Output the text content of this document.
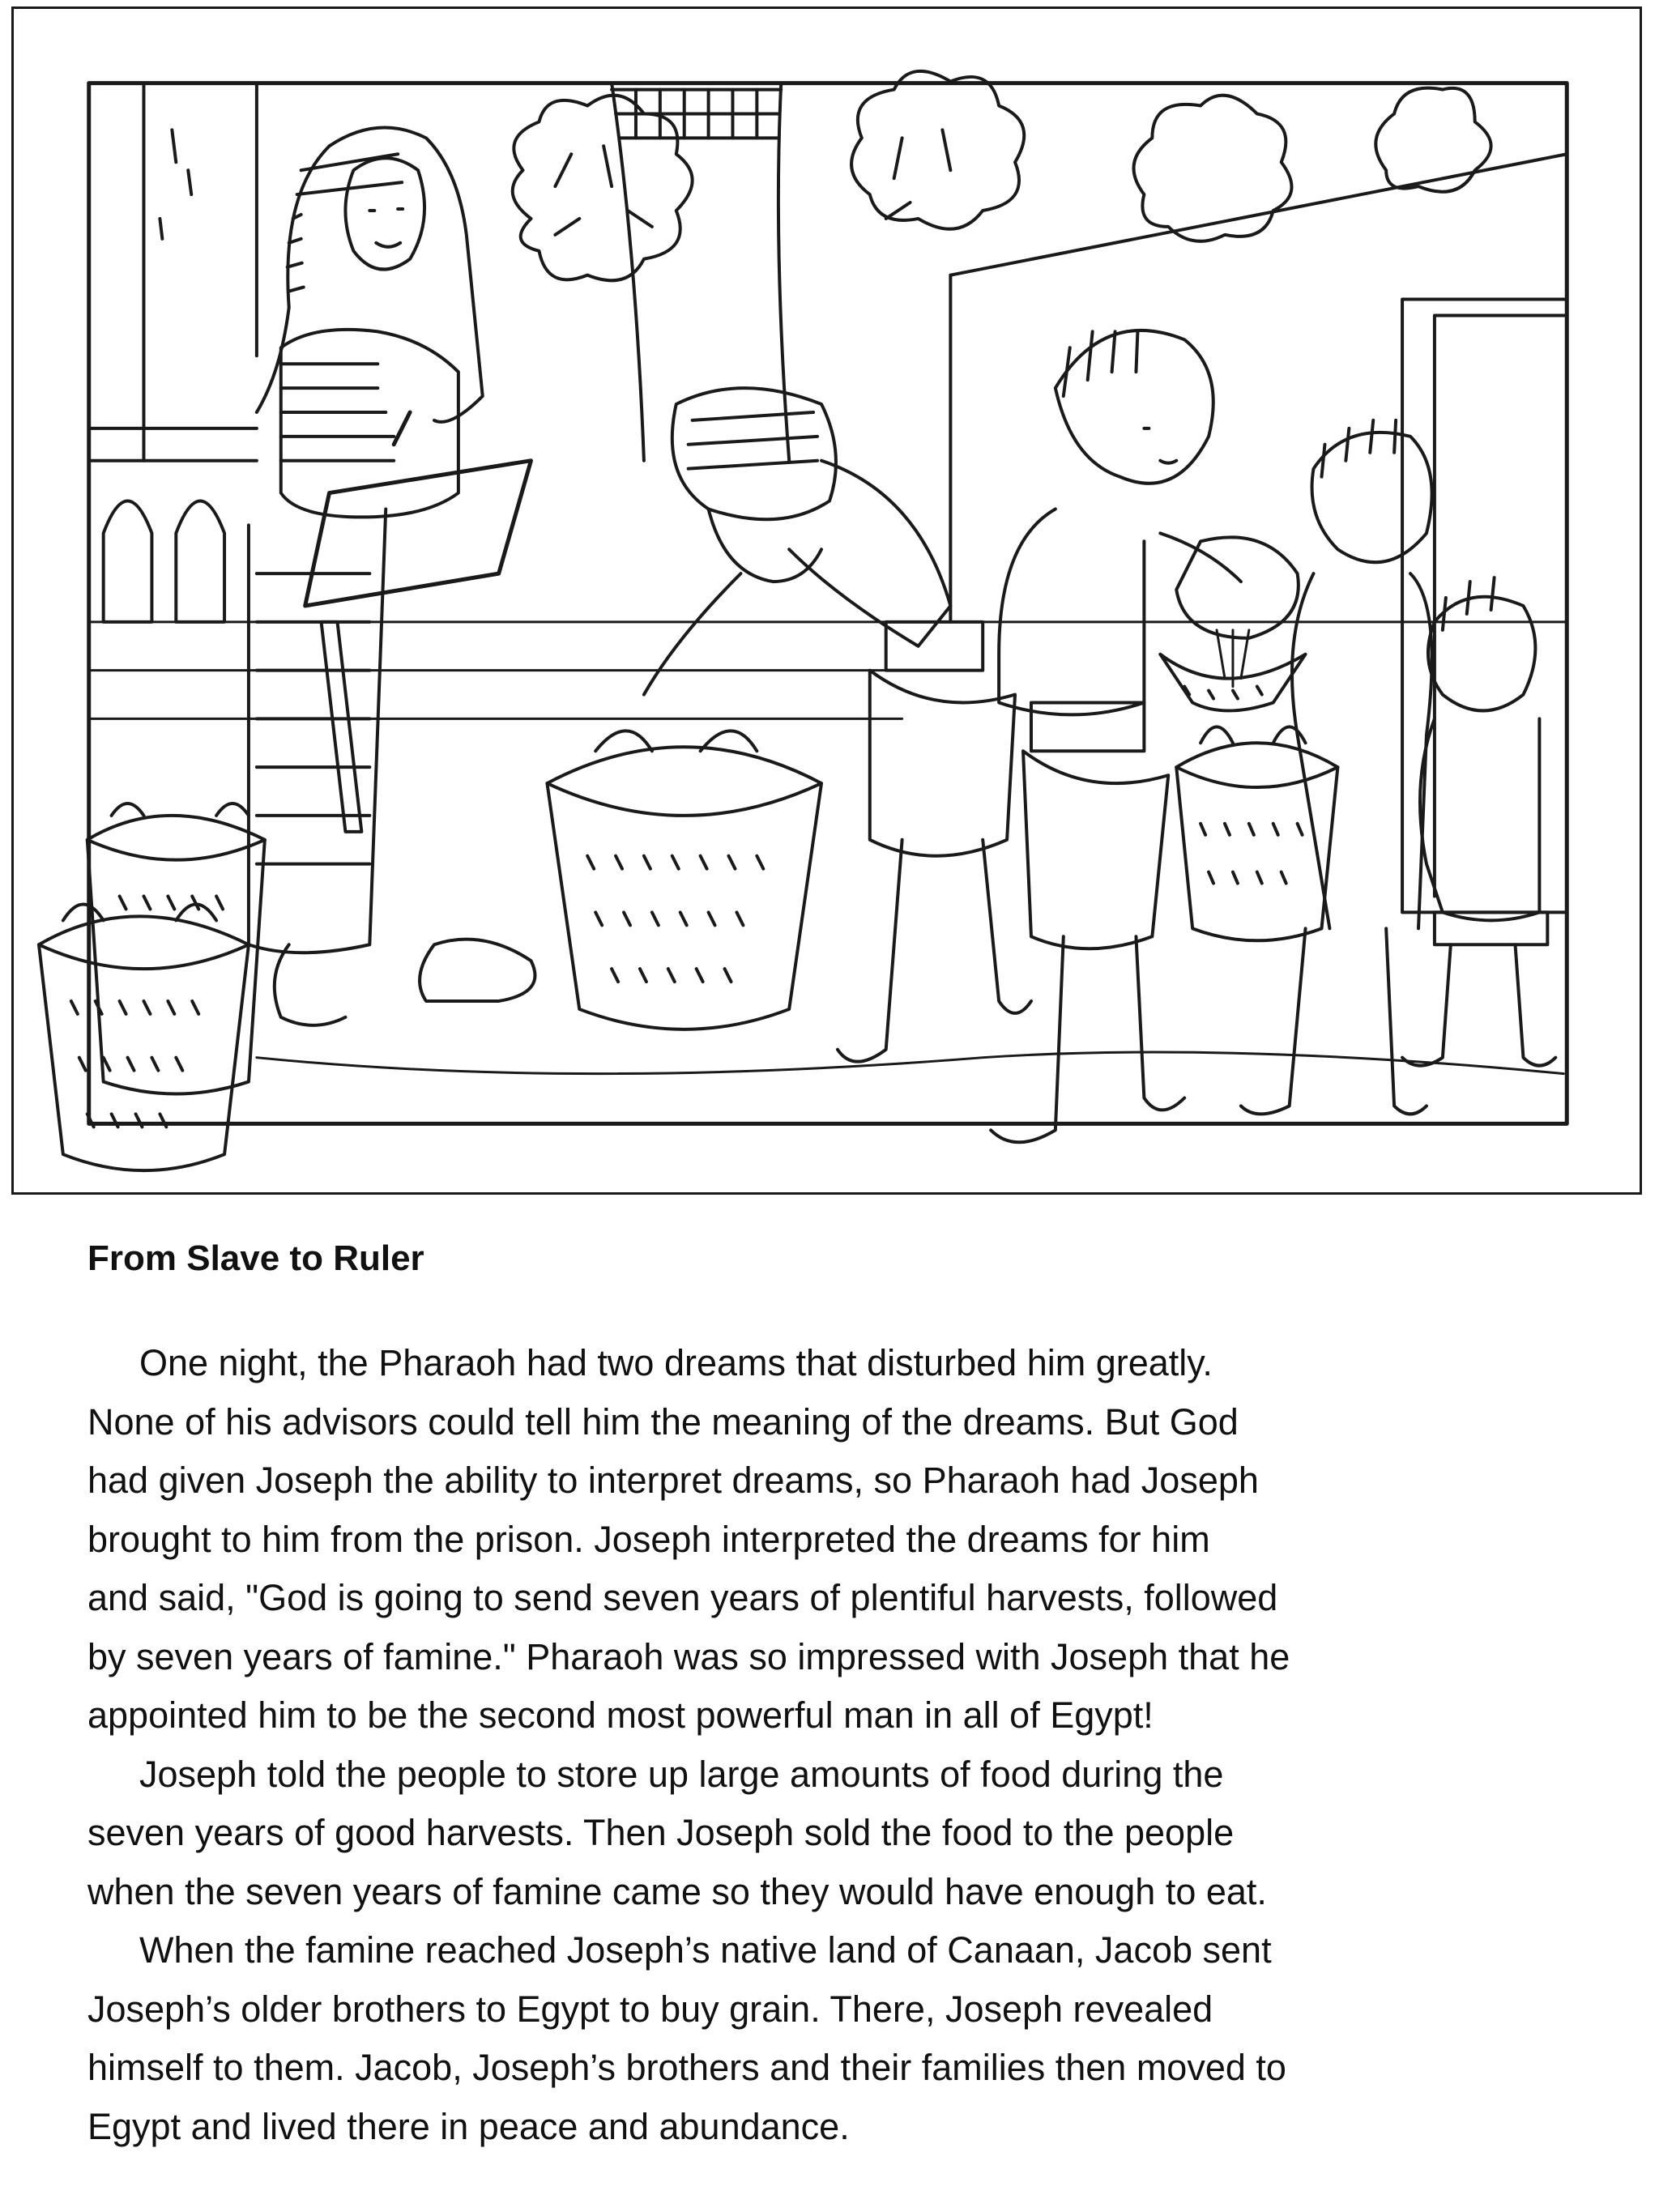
From Slave to Ruler
One night, the Pharaoh had two dreams that disturbed him greatly.
None of his advisors could tell him the meaning of the dreams. But God
had given Joseph the ability to interpret dreams, so Pharaoh had Joseph
brought to him from the prison. Joseph interpreted the dreams for him
and said, "God is going to send seven years of plentiful harvests, followed
by seven years of famine." Pharaoh was so impressed with Joseph that he
appointed him to be the second most powerful man in all of Egypt!
Joseph told the people to store up large amounts of food during the
seven years of good harvests. Then Joseph sold the food to the people
when the seven years of famine came so they would have enough to eat.
When the famine reached Joseph’s native land of Canaan, Jacob sent
Joseph’s older brothers to Egypt to buy grain. There, Joseph revealed
himself to them. Jacob, Joseph’s brothers and their families then moved to
Egypt and lived there in peace and abundance.
